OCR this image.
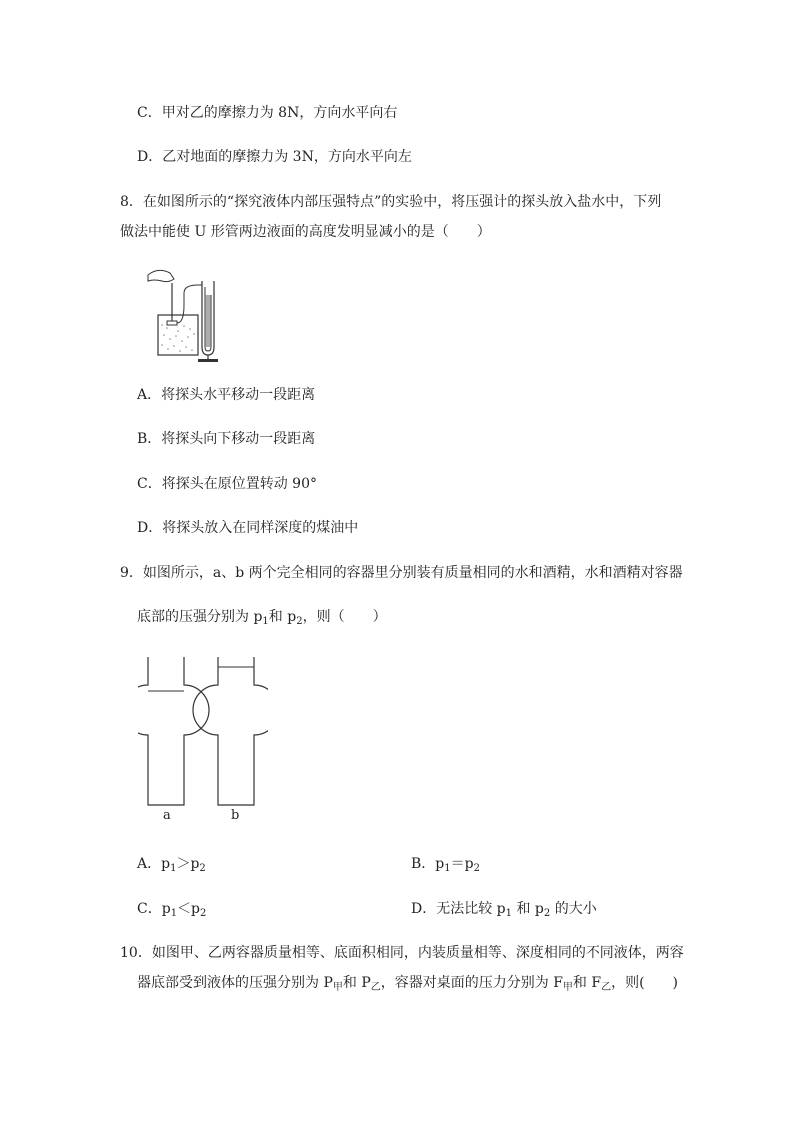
C．甲对乙的摩擦力为 8N，方向水平向右
D．乙对地面的摩擦力为 3N，方向水平向左
8．在如图所示的“探究液体内部压强特点”的实验中，将压强计的探头放入盐水中，下列
做法中能使 U 形管两边液面的高度发明显减小的是（　　）
A．将探头水平移动一段距离
B．将探头向下移动一段距离
C．将探头在原位置转动 90°
D．将探头放入在同样深度的煤油中
9．如图所示，a、b 两个完全相同的容器里分别装有质量相同的水和酒精，水和酒精对容器
底部的压强分别为 $p_1$和 $p_2$，则（　　）
a	b
A．$p_1>p_2$	B．$p_1=p_2$
C．$p_1<p_2$	D．无法比较 $p_1$ 和 $p_2$ 的大小
10．如图甲、乙两容器质量相等、底面积相同，内装质量相等、深度相同的不同液体，两容
器底部受到液体的压强分别为 $P_甲$和 $P_乙$，容器对桌面的压力分别为 $F_甲$和 $F_乙$，则(　　)
